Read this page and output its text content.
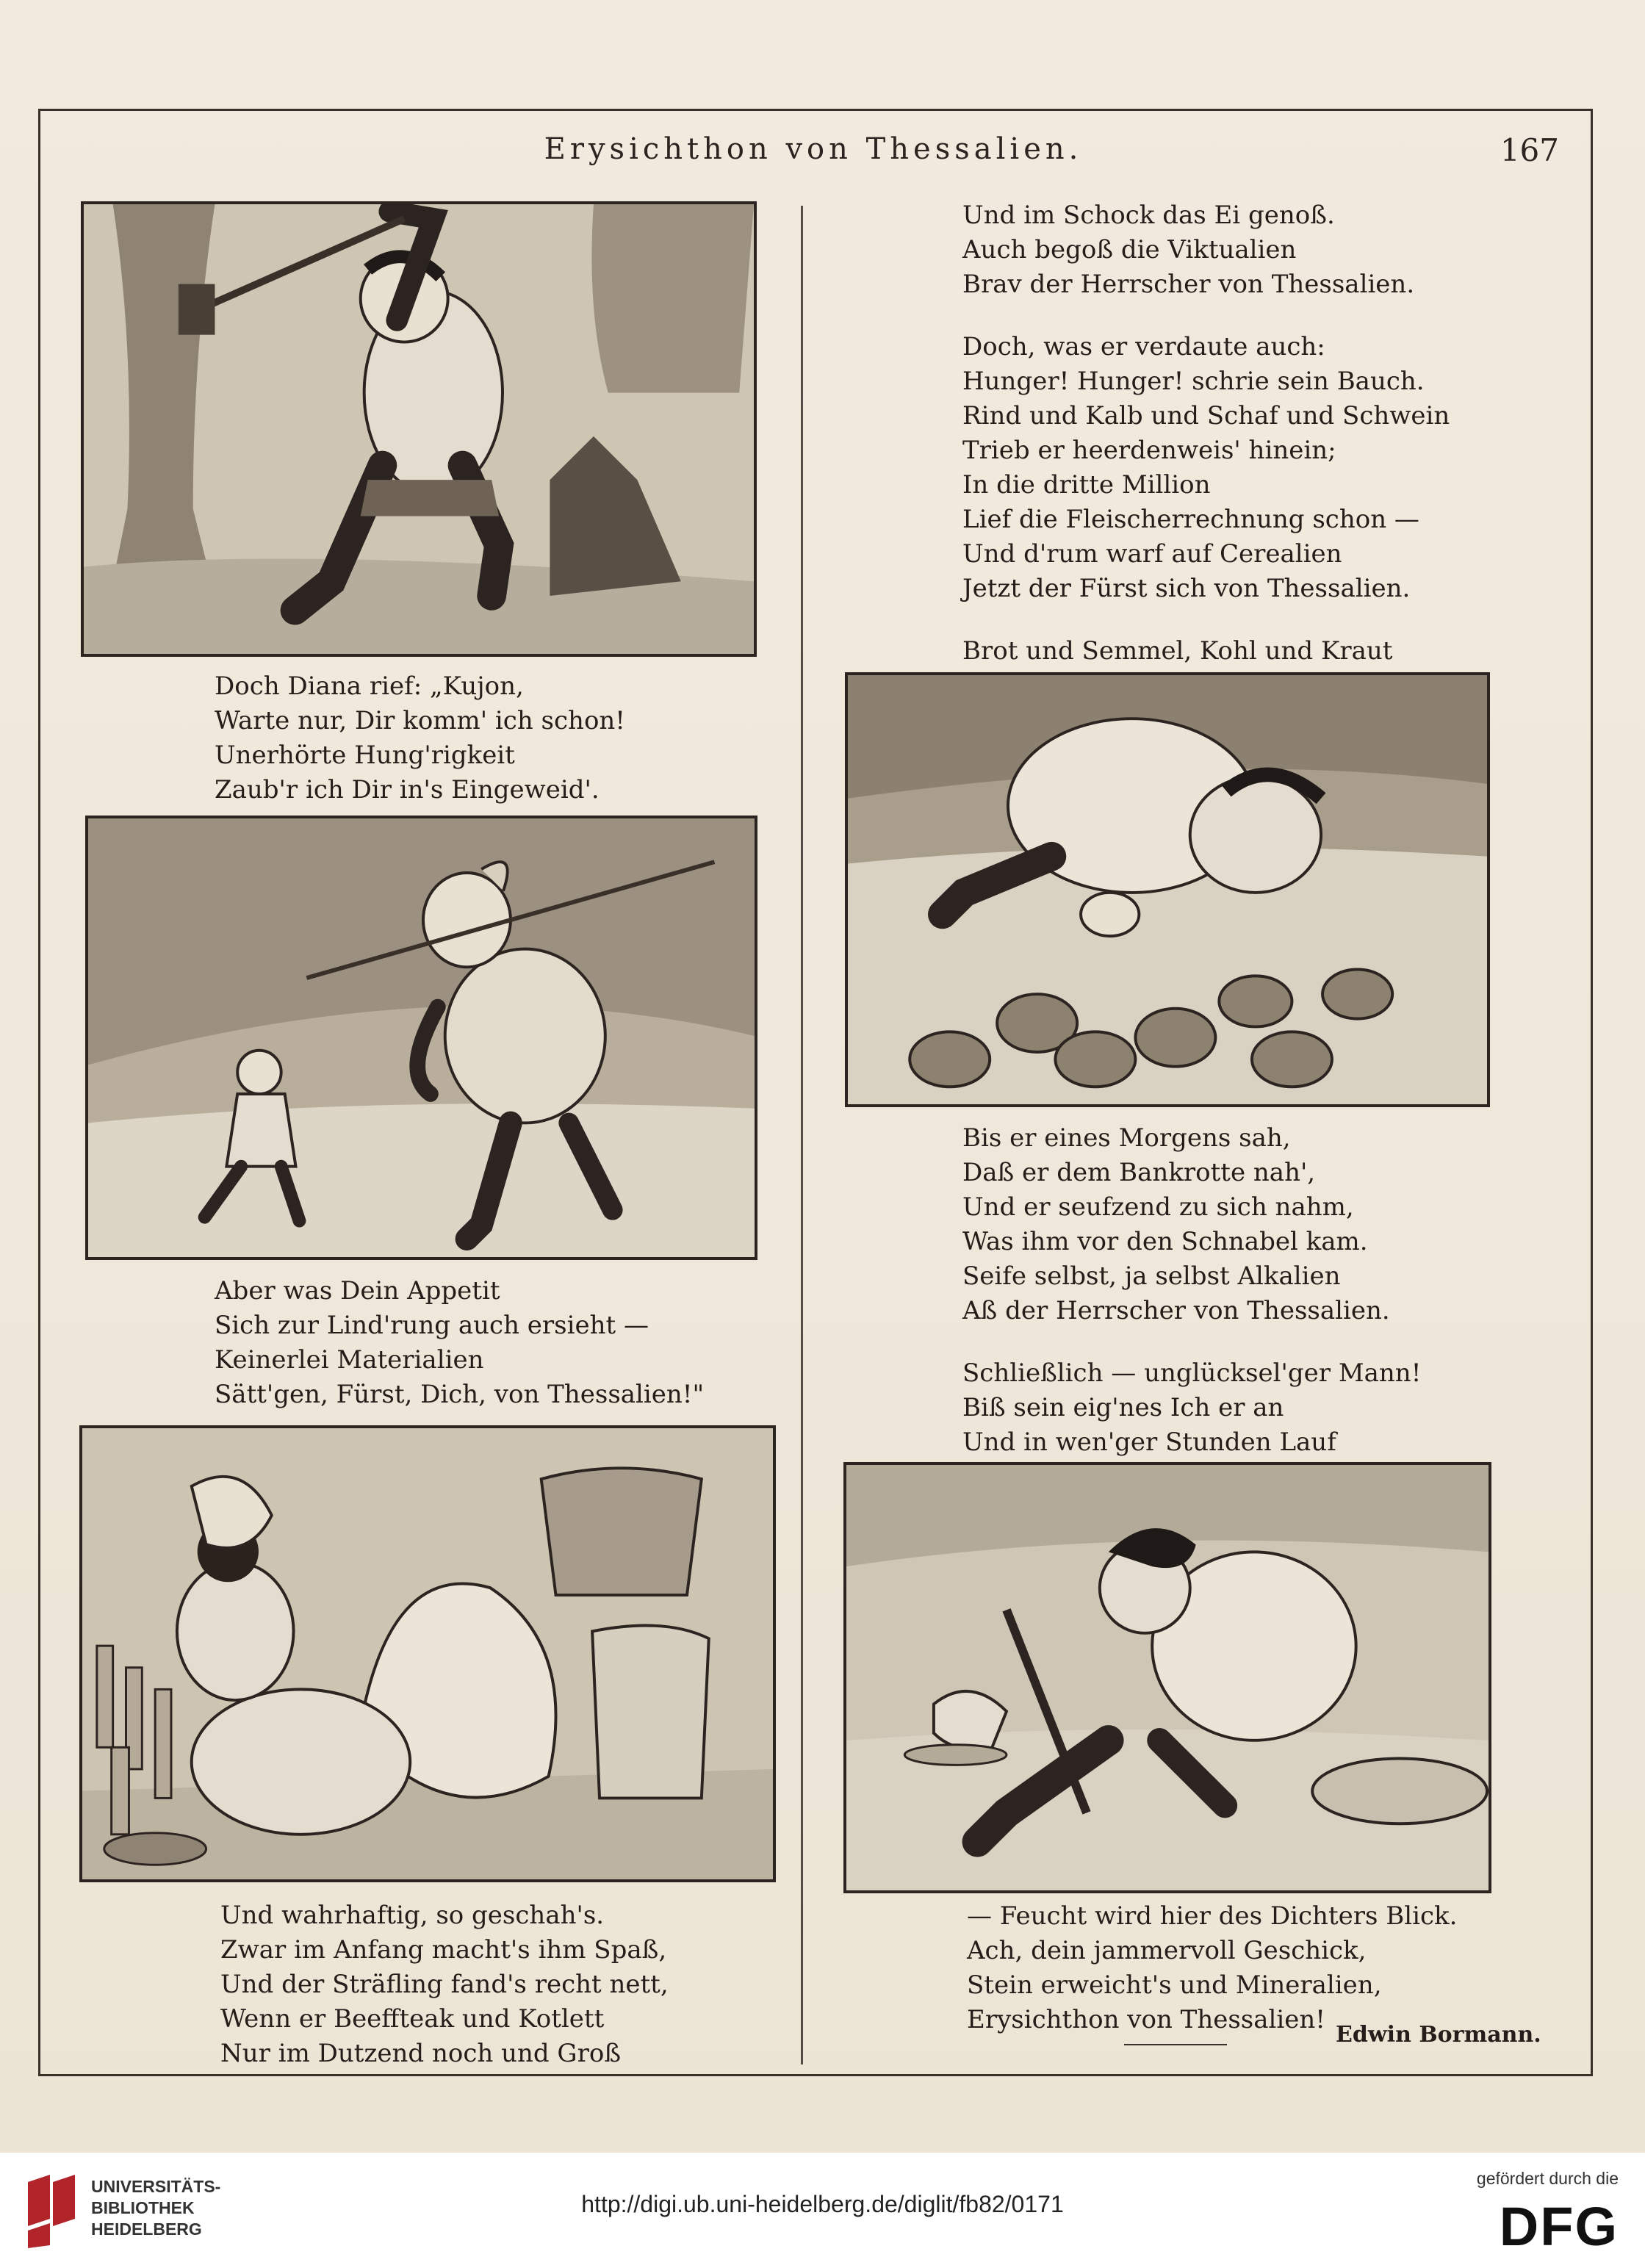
Erysichthon von Thessalien.	167
Doch Diana rief: „Kujon,
Warte nur, Dir komm' ich schon!
Unerhörte Hung'rigkeit
Zaub'r ich Dir in's Eingeweid'.
Aber was Dein Appetit
Sich zur Lind'rung auch ersieht —
Keinerlei Materialien
Sätt'gen, Fürst, Dich, von Thessalien!"
Und wahrhaftig, so geschah's.
Zwar im Anfang macht's ihm Spaß,
Und der Sträfling fand's recht nett,
Wenn er Beeffteak und Kotlett
Nur im Dutzend noch und Groß
Und im Schock das Ei genoß.
Auch begoß die Viktualien
Brav der Herrscher von Thessalien.
Doch, was er verdaute auch:
Hunger! Hunger! schrie sein Bauch.
Rind und Kalb und Schaf und Schwein
Trieb er heerdenweis' hinein;
In die dritte Million
Lief die Fleischerrechnung schon —
Und d'rum warf auf Cerealien
Jetzt der Fürst sich von Thessalien.
Brot und Semmel, Kohl und Kraut
Bis er eines Morgens sah,
Daß er dem Bankrotte nah',
Und er seufzend zu sich nahm,
Was ihm vor den Schnabel kam.
Seife selbst, ja selbst Alkalien
Aß der Herrscher von Thessalien.
Schließlich — unglücksel'ger Mann!
Biß sein eig'nes Ich er an
Und in wen'ger Stunden Lauf
— Feucht wird hier des Dichters Blick.
Ach, dein jammervoll Geschick,
Stein erweicht's und Mineralien,
Erysichthon von Thessalien!
Edwin Bormann.
UNIVERSITÄTS-
BIBLIOTHEK
HEIDELBERG
http://digi.ub.uni-heidelberg.de/diglit/fb82/0171
gefördert durch die
DFG
